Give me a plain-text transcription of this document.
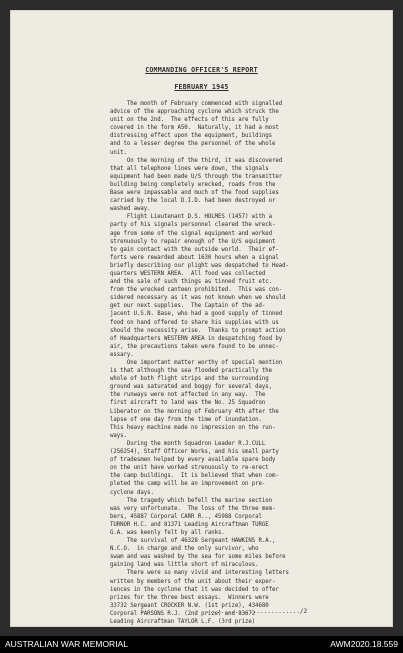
COMMANDING OFFICER'S REPORT
FEBRUARY 1945
The month of February commenced with signalled
advice of the approaching cyclone which struck the
unit on the 2nd.  The effects of this are fully
covered in the form A50.  Naturally, it had a most
distressing effect upon the equipment, buildings
and to a lesser degree the personnel of the whole
unit.
On the morning of the third, it was discovered
that all telephone lines were down, the signals
equipment had been made U/S through the transmitter
building being completely wrecked, roads from the
Base were impassable and much of the food supplies
carried by the local D.I.D. had been destroyed or
washed away.
Flight Lieutenant D.S. HOLMES (1457) with a
party of his signals personnel cleared the wreck-
age from some of the signal equipment and worked
strenuously to repair enough of the U/S equipment
to gain contact with the outside world.  Their ef-
forts were rewarded about 1630 hours when a signal
briefly describing our plight was despatched to Head-
quarters WESTERN AREA.  All food was collected
and the sale of such things as tinned fruit etc.
from the wrecked canteen prohibited.  This was con-
sidered necessary as it was not known when we should
get our next supplies.  The Captain of the ad-
jacent U.S.N. Base, who had a good supply of tinned
food on hand offered to share his supplies with us
should the necessity arise.  Thanks to prompt action
of Headquarters WESTERN AREA in despatching food by
air, the precautions taken were found to be unnec-
essary.
One important matter worthy of special mention
is that although the sea flooded practically the
whole of both flight strips and the surrounding
ground was saturated and boggy for several days,
the runways were not affected in any way.  The
first aircraft to land was the No. 25 Squadron
Liberator on the morning of February 4th after the
lapse of one day from the time of inundation.
This heavy machine made no impression on the run-
ways.
During the month Squadron Leader R.J.CULL
(256254), Staff Officer Works, and his small party
of tradesmen helped by every available spare body
on the unit have worked strenuously to re-erect
the camp buildings.  It is believed that when com-
pleted the camp will be an improvement on pre-
cyclone days.
The tragedy which befell the marine section
was very unfortunate.  The loss of the three mem-
bers, 45887 Corporal CARR R.., 45988 Corporal
TURNOR H.C. and 81371 Leading Aircraftman TURGE
G.A. was keenly felt by all ranks.
The survival of 46328 Sergeant HAWKINS R.A.,
N.C.O.  in charge and the only survivor, who
swam and was washed by the sea for some miles before
gaining land was little short of miraculous.
There were so many vivid and interesting letters
written by members of the unit about their exper-
iences in the cyclone that it was decided to offer
prizes for the three best essays.  Winners were
33732 Sergeant CROCKER N.W. (1st prize), 434680
Corporal PARSONS R.J. (2nd prize) and 83672
Leading Aircraftman TAYLOR L.F. (3rd prize)
........................../2
AUSTRALIAN WAR MEMORIAL	AWM2020.18.559
